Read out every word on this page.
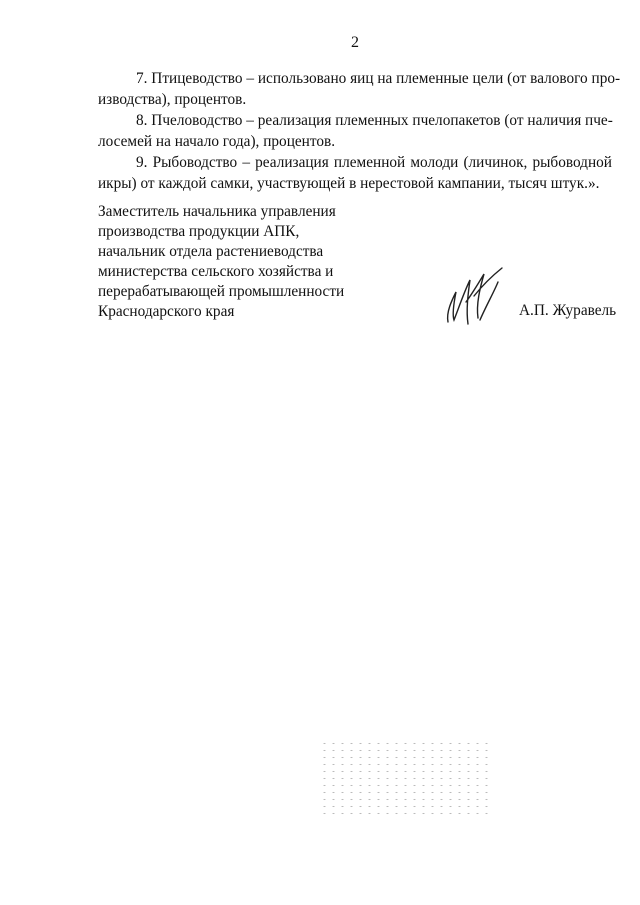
2
7. Птицеводство – использовано яиц на племенные цели (от валового про-
изводства), процентов.
8. Пчеловодство – реализация племенных пчелопакетов (от наличия пче-
лосемей на начало года), процентов.
9. Рыбоводство – реализация племенной молоди (личинок, рыбоводной
икры) от каждой самки, участвующей в нерестовой кампании, тысяч штук.».
Заместитель начальника управления
производства продукции АПК,
начальник отдела растениеводства
министерства сельского хозяйства и
перерабатывающей промышленности
Краснодарского края	А.П. Журавель
